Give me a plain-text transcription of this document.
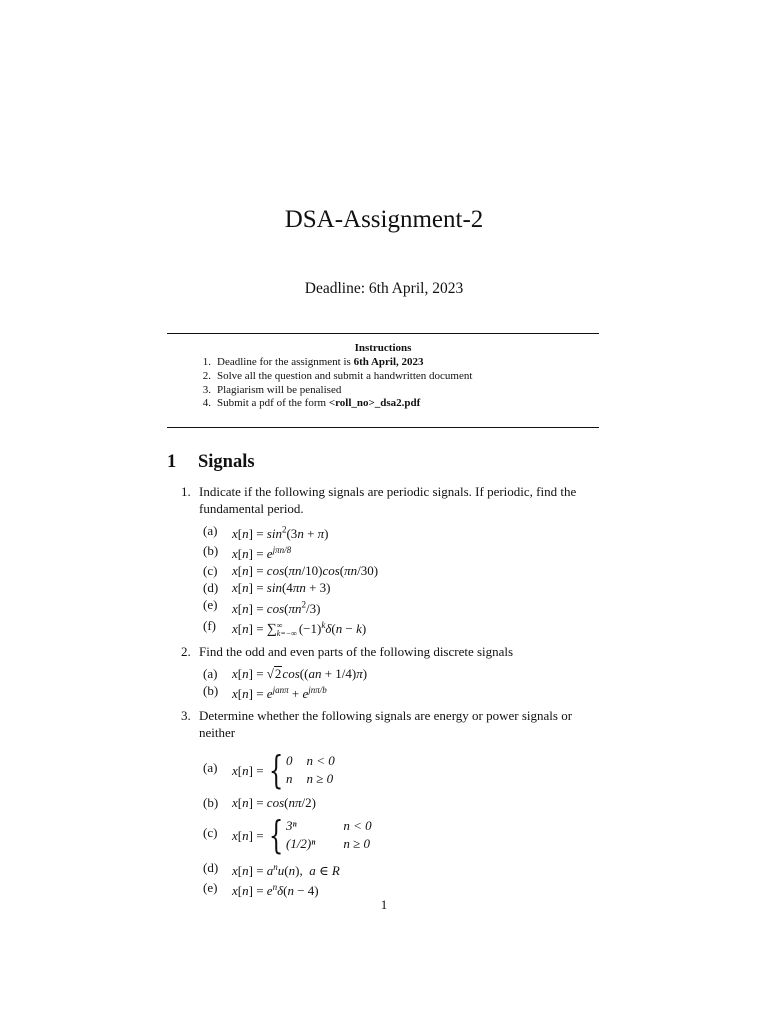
DSA-Assignment-2
Deadline: 6th April, 2023
Instructions
1. Deadline for the assignment is 6th April, 2023
2. Solve all the question and submit a handwritten document
3. Plagiarism will be penalised
4. Submit a pdf of the form <roll_no>_dsa2.pdf
1 Signals
1. Indicate if the following signals are periodic signals. If periodic, find the fundamental period.
(a) $x[n] = \sin^2(3n + \pi)$
(b) $x[n] = e^{j\pi n/8}$
(c) x[n] = cos(πn/10)cos(πn/30)
(d) x[n] = sin(4πn + 3)
(e) $x[n] = \cos(\pi n^2/3)$
(f) x[n] = ∑ ∞
k=−∞ $(-1)^k\delta(n - k)$
2. Find the odd and even parts of the following discrete signals
(a) x[n] = √2cos((an + 1/4)π)
(b) $x[n] = e^{jan\pi} + e^{jn\pi/b}$
3. Determine whether the following signals are energy or power signals or neither
(a) x[n] = { 0 n < 0
n n ≥ 0
(b) x[n] = cos(nπ/2)
(c) x[n] = { 3ⁿ	n < 0
(1/2)ⁿ n ≥ 0
(d) $x[n] = a^nu(n)$,  a ∈ R
(e) $x[n] = e^n\delta(n - 4)$
1
